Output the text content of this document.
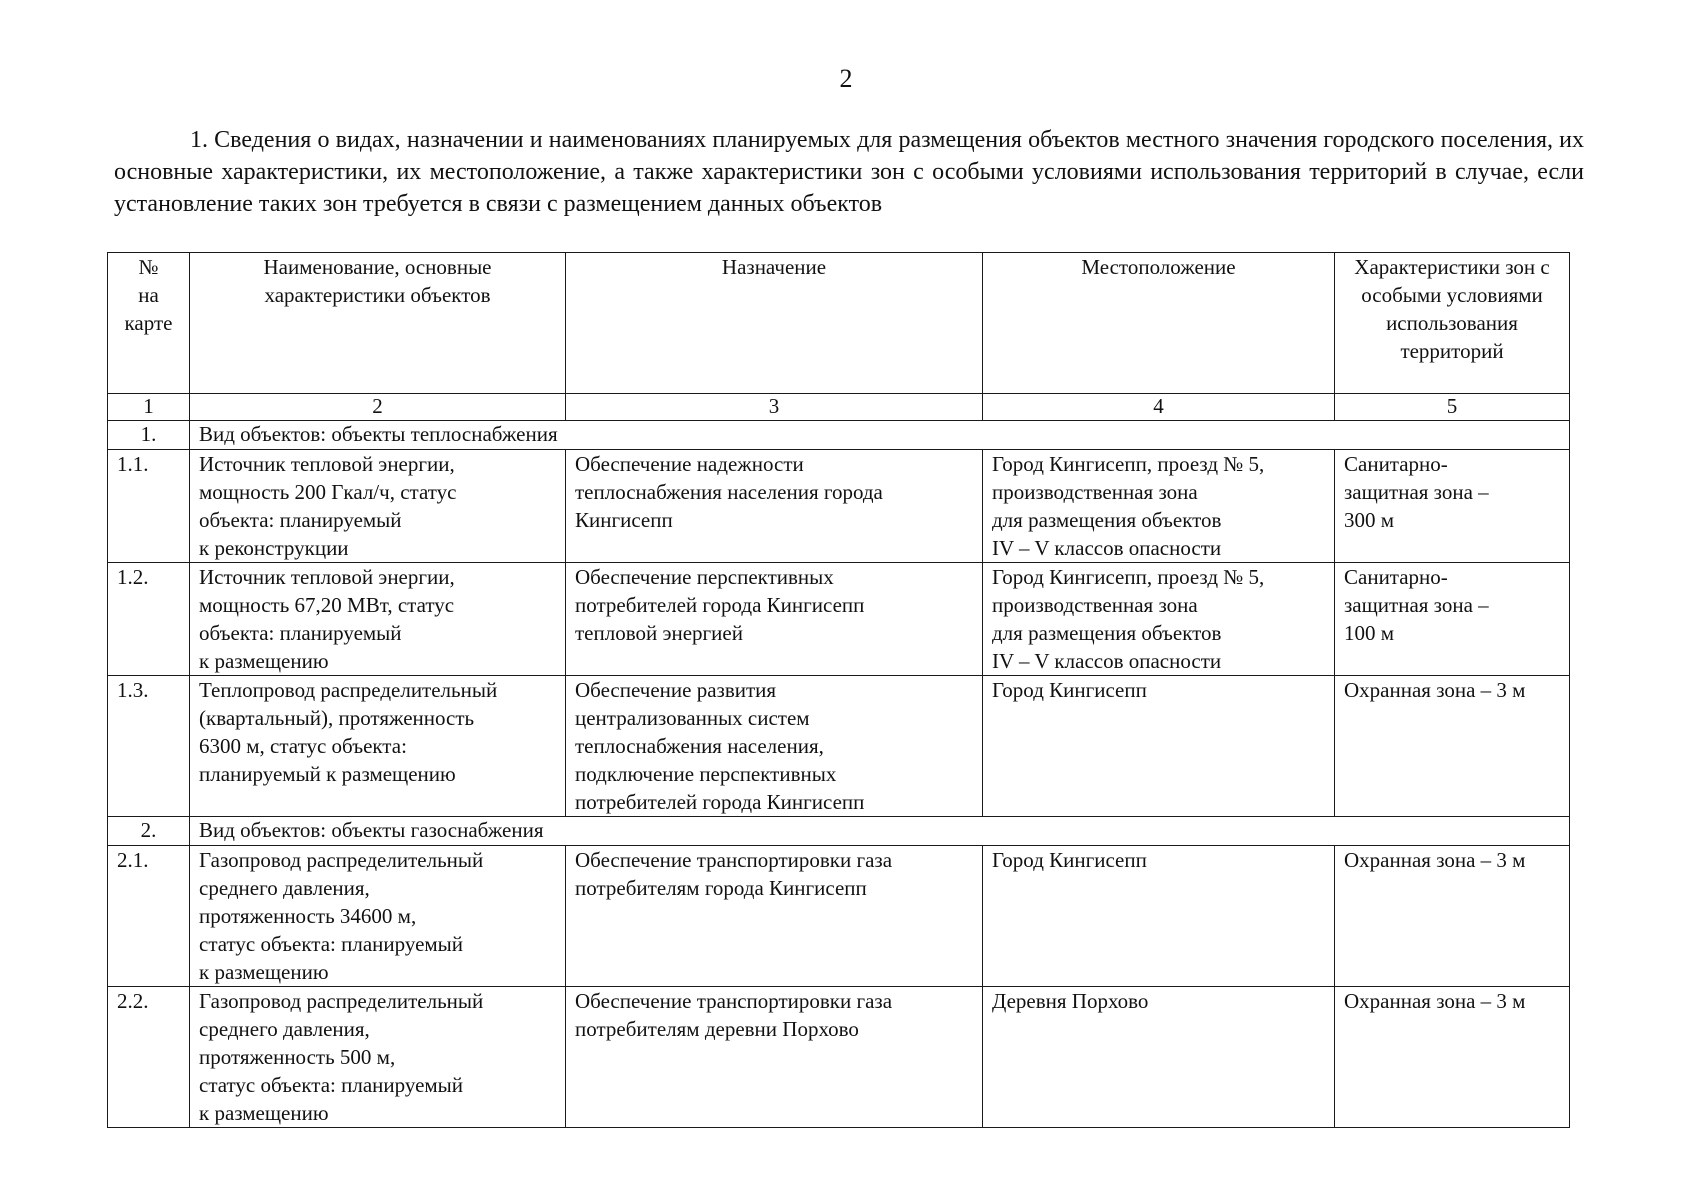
2

1. Сведения о видах, назначении и наименованиях планируемых для размещения объектов местного значения городского поселения, их основные характеристики, их местоположение, а также характеристики зон с особыми условиями использования территорий в случае, если установление таких зон требуется в связи с размещением данных объектов

№
на
карте	Наименование, основные характеристики объектов	Назначение	Местоположение	Характеристики зон с особыми условиями использования территорий
1	2	3	4	5
1.	Вид объектов: объекты теплоснабжения			
1.1.	Источник тепловой энергии,
мощность 200 Гкал/ч, статус
объекта: планируемый
к реконструкции	Обеспечение надежности
теплоснабжения населения города
Кингисепп	Город Кингисепп, проезд № 5,
производственная зона
для размещения объектов
IV – V классов опасности	Санитарно-
защитная зона –
300 м
1.2.	Источник тепловой энергии,
мощность 67,20 МВт, статус
объекта: планируемый
к размещению	Обеспечение перспективных
потребителей города Кингисепп
тепловой энергией	Город Кингисепп, проезд № 5,
производственная зона
для размещения объектов
IV – V классов опасности	Санитарно-
защитная зона –
100 м
1.3.	Теплопровод распределительный
(квартальный), протяженность
6300 м, статус объекта:
планируемый к размещению	Обеспечение развития
централизованных систем
теплоснабжения населения,
подключение перспективных
потребителей города Кингисепп	Город Кингисепп	Охранная зона – 3 м
2.	Вид объектов: объекты газоснабжения			
2.1.	Газопровод распределительный
среднего давления,
протяженность 34600 м,
статус объекта: планируемый
к размещению	Обеспечение транспортировки газа
потребителям города Кингисепп	Город Кингисепп	Охранная зона – 3 м
2.2.	Газопровод распределительный
среднего давления,
протяженность 500 м,
статус объекта: планируемый
к размещению	Обеспечение транспортировки газа
потребителям деревни Порхово	Деревня Порхово	Охранная зона – 3 м
